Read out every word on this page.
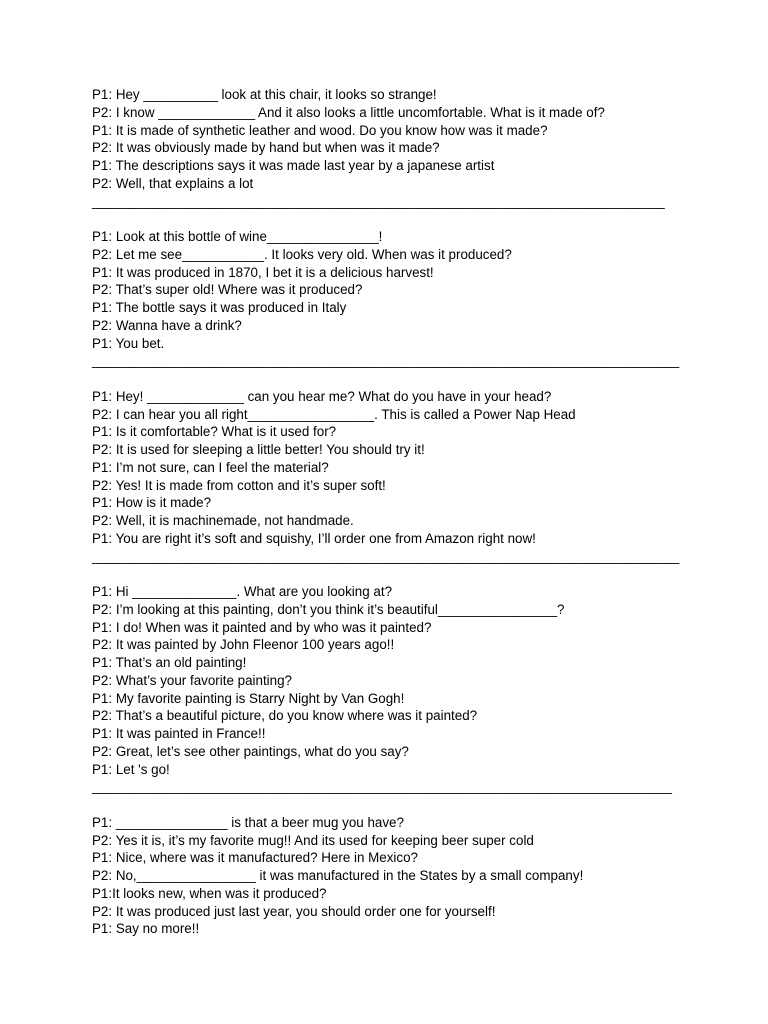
P1: Hey __________ look at this chair, it looks so strange!
P2: I know _____________ And it also looks a little uncomfortable. What is it made of?
P1: It is made of synthetic leather and wood. Do you know how was it made?
P2: It was obviously made by hand but when was it made?
P1: The descriptions says it was made last year by a japanese artist
P2: Well, that explains a lot
_______________________________________________________________________________
P1: Look at this bottle of wine_______________!
P2: Let me see___________. It looks very old. When was it produced?
P1: It was produced in 1870, I bet it is a delicious harvest!
P2: That’s super old! Where was it produced?
P1: The bottle says it was produced in Italy
P2: Wanna have a drink?
P1: You bet.
_________________________________________________________________________________
P1: Hey! _____________ can you hear me? What do you have in your head?
P2: I can hear you all right_________________. This is called a Power Nap Head
P1: Is it comfortable? What is it used for?
P2: It is used for sleeping a little better! You should try it!
P1: I’m not sure, can I feel the material?
P2: Yes! It is made from cotton and it’s super soft!
P1: How is it made?
P2: Well, it is machinemade, not handmade.
P1: You are right it’s soft and squishy, I’ll order one from Amazon right now!
_________________________________________________________________________________
P1: Hi ______________. What are you looking at?
P2: I’m looking at this painting, don’t you think it’s beautiful________________?
P1: I do! When was it painted and by who was it painted?
P2: It was painted by John Fleenor 100 years ago!!
P1: That’s an old painting!
P2: What’s your favorite painting?
P1: My favorite painting is Starry Night by Van Gogh!
P2: That’s a beautiful picture, do you know where was it painted?
P1: It was painted in France!!
P2: Great, let’s see other paintings, what do you say?
P1: Let 's go!
________________________________________________________________________________
P1: _______________ is that a beer mug you have?
P2: Yes it is, it’s my favorite mug!! And its used for keeping beer super cold
P1: Nice, where was it manufactured? Here in Mexico?
P2: No,________________ it was manufactured in the States by a small company!
P1:It looks new, when was it produced?
P2: It was produced just last year, you should order one for yourself!
P1: Say no more!!
